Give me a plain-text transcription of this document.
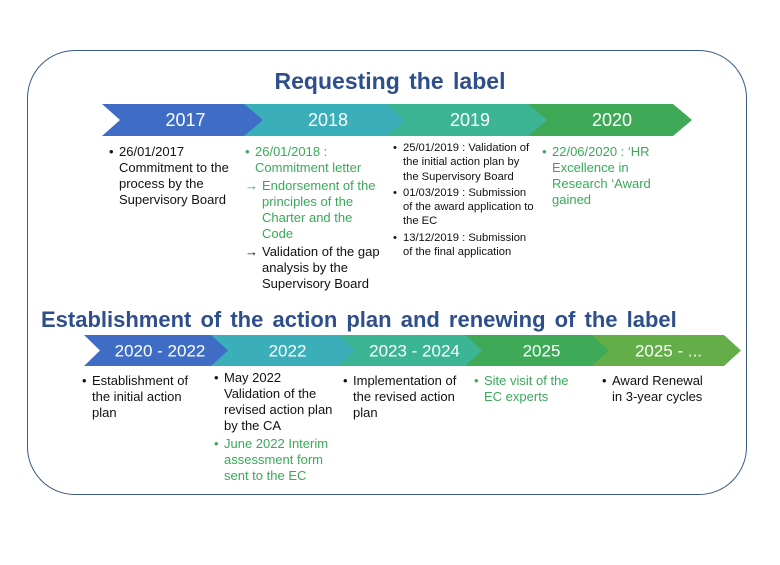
Requesting the label
Establishment of the action plan and renewing of the label
2017	2018	2019	2020
2020 - 2022	2022	2023 - 2024	2025	2025 - ...
• 26/01/2017 Commitment to the process by the Supervisory Board
• 26/01/2018 : Commitment letter
→ Endorsement of the principles of the Charter and the Code
→ Validation of the gap analysis by the Supervisory Board
• 25/01/2019 : Validation of the initial action plan by the Supervisory Board
• 01/03/2019 : Submission of the award application to the EC
• 13/12/2019 : Submission of the final application
• 22/06/2020 : ‘HR Excellence in Research ‘Award gained
• Establishment of the initial action plan
• May 2022 Validation of the revised action plan by the CA
• June 2022 Interim assessment form sent to the EC
• Implementation of the revised action plan
• Site visit of the EC experts
• Award Renewal in 3-year cycles
